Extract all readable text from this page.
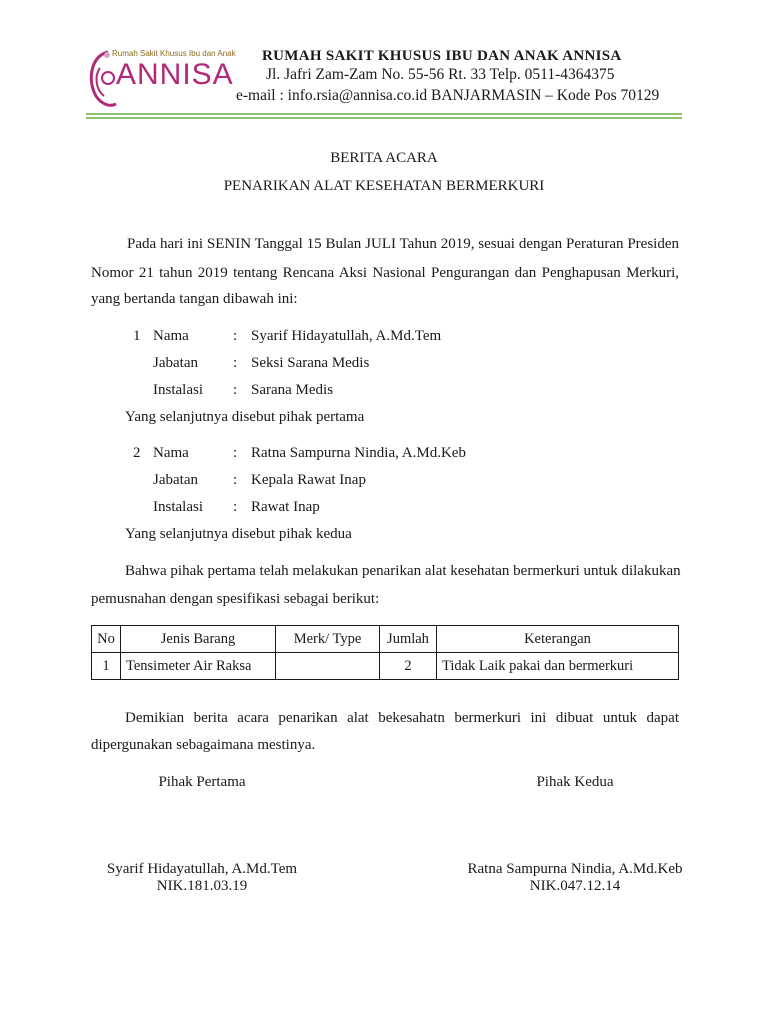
Rumah Sakit Khusus Ibu dan Anak
ANNISA
RUMAH SAKIT KHUSUS IBU DAN ANAK ANNISA
Jl. Jafri Zam-Zam No. 55-56 Rt. 33 Telp. 0511-4364375
e-mail : info.rsia@annisa.co.id BANJARMASIN – Kode Pos 70129
BERITA ACARA
PENARIKAN ALAT KESEHATAN BERMERKURI
Pada hari ini SENIN Tanggal 15 Bulan JULI Tahun 2019, sesuai dengan Peraturan Presiden
Nomor 21 tahun 2019 tentang Rencana Aksi Nasional Pengurangan dan Penghapusan Merkuri,
yang bertanda tangan dibawah ini:
1 Nama	: Syarif Hidayatullah, A.Md.Tem
Jabatan : Seksi Sarana Medis
Instalasi : Sarana Medis
Yang selanjutnya disebut pihak pertama
2 Nama	: Ratna Sampurna Nindia, A.Md.Keb
Jabatan : Kepala Rawat Inap
Instalasi : Rawat Inap
Yang selanjutnya disebut pihak kedua
Bahwa pihak pertama telah melakukan penarikan alat kesehatan bermerkuri untuk dilakukan
pemusnahan dengan spesifikasi sebagai berikut:
No	Jenis Barang	Merk/ Type	Jumlah	Keterangan
1	Tensimeter Air Raksa		2	Tidak Laik pakai dan bermerkuri
Demikian berita acara penarikan alat bekesahatn bermerkuri ini dibuat untuk dapat
dipergunakan sebagaimana mestinya.
Pihak Pertama	Pihak Kedua
Syarif Hidayatullah, A.Md.Tem
NIK.181.03.19
Ratna Sampurna Nindia, A.Md.Keb
NIK.047.12.14
